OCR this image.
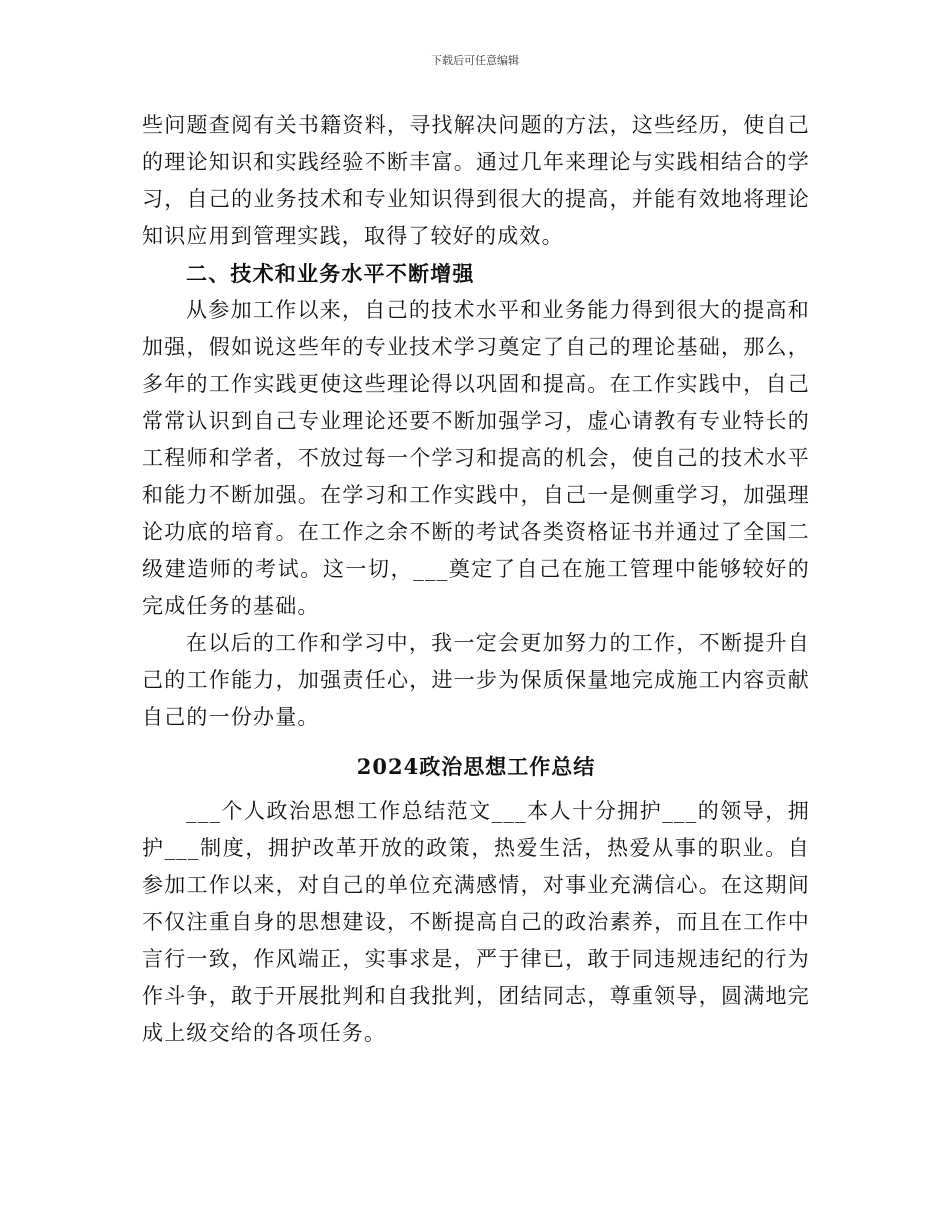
下载后可任意编辑

些问题查阅有关书籍资料，寻找解决问题的方法，这些经历，使自己的理论知识和实践经验不断丰富。通过几年来理论与实践相结合的学习，自己的业务技术和专业知识得到很大的提高，并能有效地将理论知识应用到管理实践，取得了较好的成效。

二、技术和业务水平不断增强

从参加工作以来，自己的技术水平和业务能力得到很大的提高和加强，假如说这些年的专业技术学习奠定了自己的理论基础，那么，多年的工作实践更使这些理论得以巩固和提高。在工作实践中，自己常常认识到自己专业理论还要不断加强学习，虚心请教有专业特长的工程师和学者，不放过每一个学习和提高的机会，使自己的技术水平和能力不断加强。在学习和工作实践中，自己一是侧重学习，加强理论功底的培育。在工作之余不断的考试各类资格证书并通过了全国二级建造师的考试。这一切，___奠定了自己在施工管理中能够较好的完成任务的基础。

在以后的工作和学习中，我一定会更加努力的工作，不断提升自己的工作能力，加强责任心，进一步为保质保量地完成施工内容贡献自己的一份办量。

2024政治思想工作总结

___个人政治思想工作总结范文___本人十分拥护___的领导，拥护___制度，拥护改革开放的政策，热爱生活，热爱从事的职业。自参加工作以来，对自己的单位充满感情，对事业充满信心。在这期间不仅注重自身的思想建设，不断提高自己的政治素养，而且在工作中言行一致，作风端正，实事求是，严于律已，敢于同违规违纪的行为作斗争，敢于开展批判和自我批判，团结同志，尊重领导，圆满地完成上级交给的各项任务。
